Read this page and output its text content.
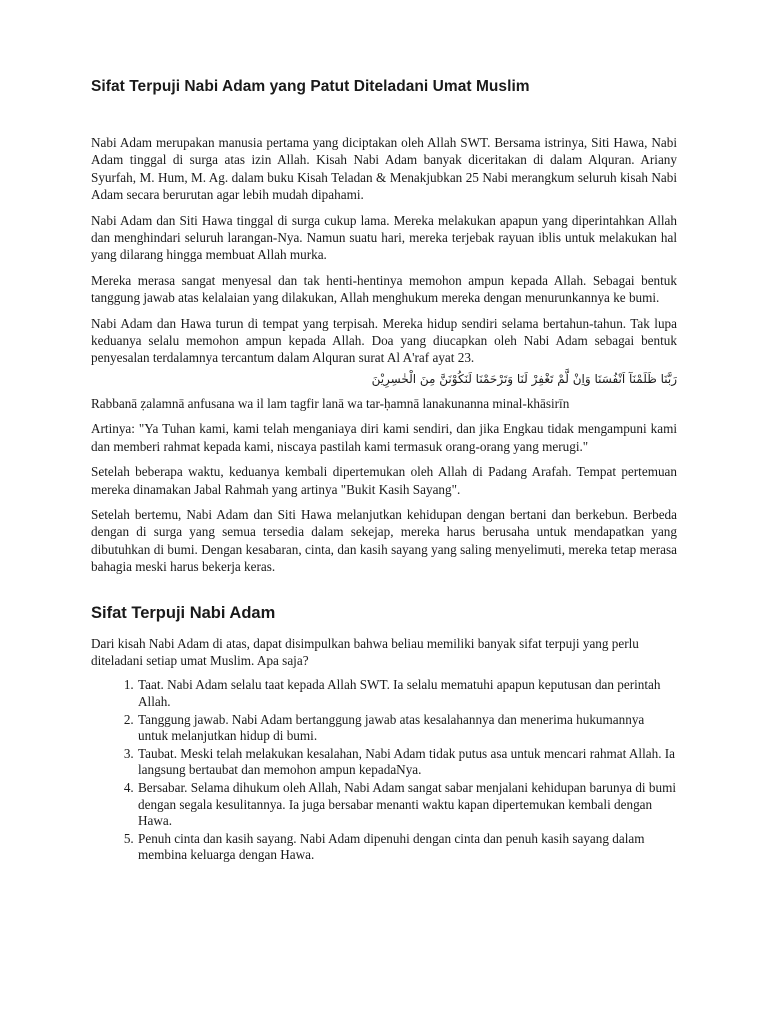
Sifat Terpuji Nabi Adam yang Patut Diteladani Umat Muslim

Nabi Adam merupakan manusia pertama yang diciptakan oleh Allah SWT. Bersama istrinya, Siti Hawa, Nabi Adam tinggal di surga atas izin Allah. Kisah Nabi Adam banyak diceritakan di dalam Alquran. Ariany Syurfah, M. Hum, M. Ag. dalam buku Kisah Teladan & Menakjubkan 25 Nabi merangkum seluruh kisah Nabi Adam secara berurutan agar lebih mudah dipahami.

Nabi Adam dan Siti Hawa tinggal di surga cukup lama. Mereka melakukan apapun yang diperintahkan Allah dan menghindari seluruh larangan-Nya. Namun suatu hari, mereka terjebak rayuan iblis untuk melakukan hal yang dilarang hingga membuat Allah murka.

Mereka merasa sangat menyesal dan tak henti-hentinya memohon ampun kepada Allah. Sebagai bentuk tanggung jawab atas kelalaian yang dilakukan, Allah menghukum mereka dengan menurunkannya ke bumi.

Nabi Adam dan Hawa turun di tempat yang terpisah. Mereka hidup sendiri selama bertahun-tahun. Tak lupa keduanya selalu memohon ampun kepada Allah. Doa yang diucapkan oleh Nabi Adam sebagai bentuk penyesalan terdalamnya tercantum dalam Alquran surat Al A'raf ayat 23.

رَبَّنَا ظَلَمْنَآ اَنْفُسَنَا وَاِنْ لَّمْ تَغْفِرْ لَنَا وَتَرْحَمْنَا لَنَكُوْنَنَّ مِنَ الْخٰسِرِيْنَ

Rabbanā ẓalamnā anfusana wa il lam tagfir lanā wa tar-ḥamnā lanakunanna minal-khāsirīn

Artinya: "Ya Tuhan kami, kami telah menganiaya diri kami sendiri, dan jika Engkau tidak mengampuni kami dan memberi rahmat kepada kami, niscaya pastilah kami termasuk orang-orang yang merugi."

Setelah beberapa waktu, keduanya kembali dipertemukan oleh Allah di Padang Arafah. Tempat pertemuan mereka dinamakan Jabal Rahmah yang artinya "Bukit Kasih Sayang".

Setelah bertemu, Nabi Adam dan Siti Hawa melanjutkan kehidupan dengan bertani dan berkebun. Berbeda dengan di surga yang semua tersedia dalam sekejap, mereka harus berusaha untuk mendapatkan yang dibutuhkan di bumi. Dengan kesabaran, cinta, dan kasih sayang yang saling menyelimuti, mereka tetap merasa bahagia meski harus bekerja keras.

Sifat Terpuji Nabi Adam

Dari kisah Nabi Adam di atas, dapat disimpulkan bahwa beliau memiliki banyak sifat terpuji yang perlu diteladani setiap umat Muslim. Apa saja?

1. Taat. Nabi Adam selalu taat kepada Allah SWT. Ia selalu mematuhi apapun keputusan dan perintah Allah.
2. Tanggung jawab. Nabi Adam bertanggung jawab atas kesalahannya dan menerima hukumannya untuk melanjutkan hidup di bumi.
3. Taubat. Meski telah melakukan kesalahan, Nabi Adam tidak putus asa untuk mencari rahmat Allah. Ia langsung bertaubat dan memohon ampun kepadaNya.
4. Bersabar. Selama dihukum oleh Allah, Nabi Adam sangat sabar menjalani kehidupan barunya di bumi dengan segala kesulitannya. Ia juga bersabar menanti waktu kapan dipertemukan kembali dengan Hawa.
5. Penuh cinta dan kasih sayang. Nabi Adam dipenuhi dengan cinta dan penuh kasih sayang dalam membina keluarga dengan Hawa.
